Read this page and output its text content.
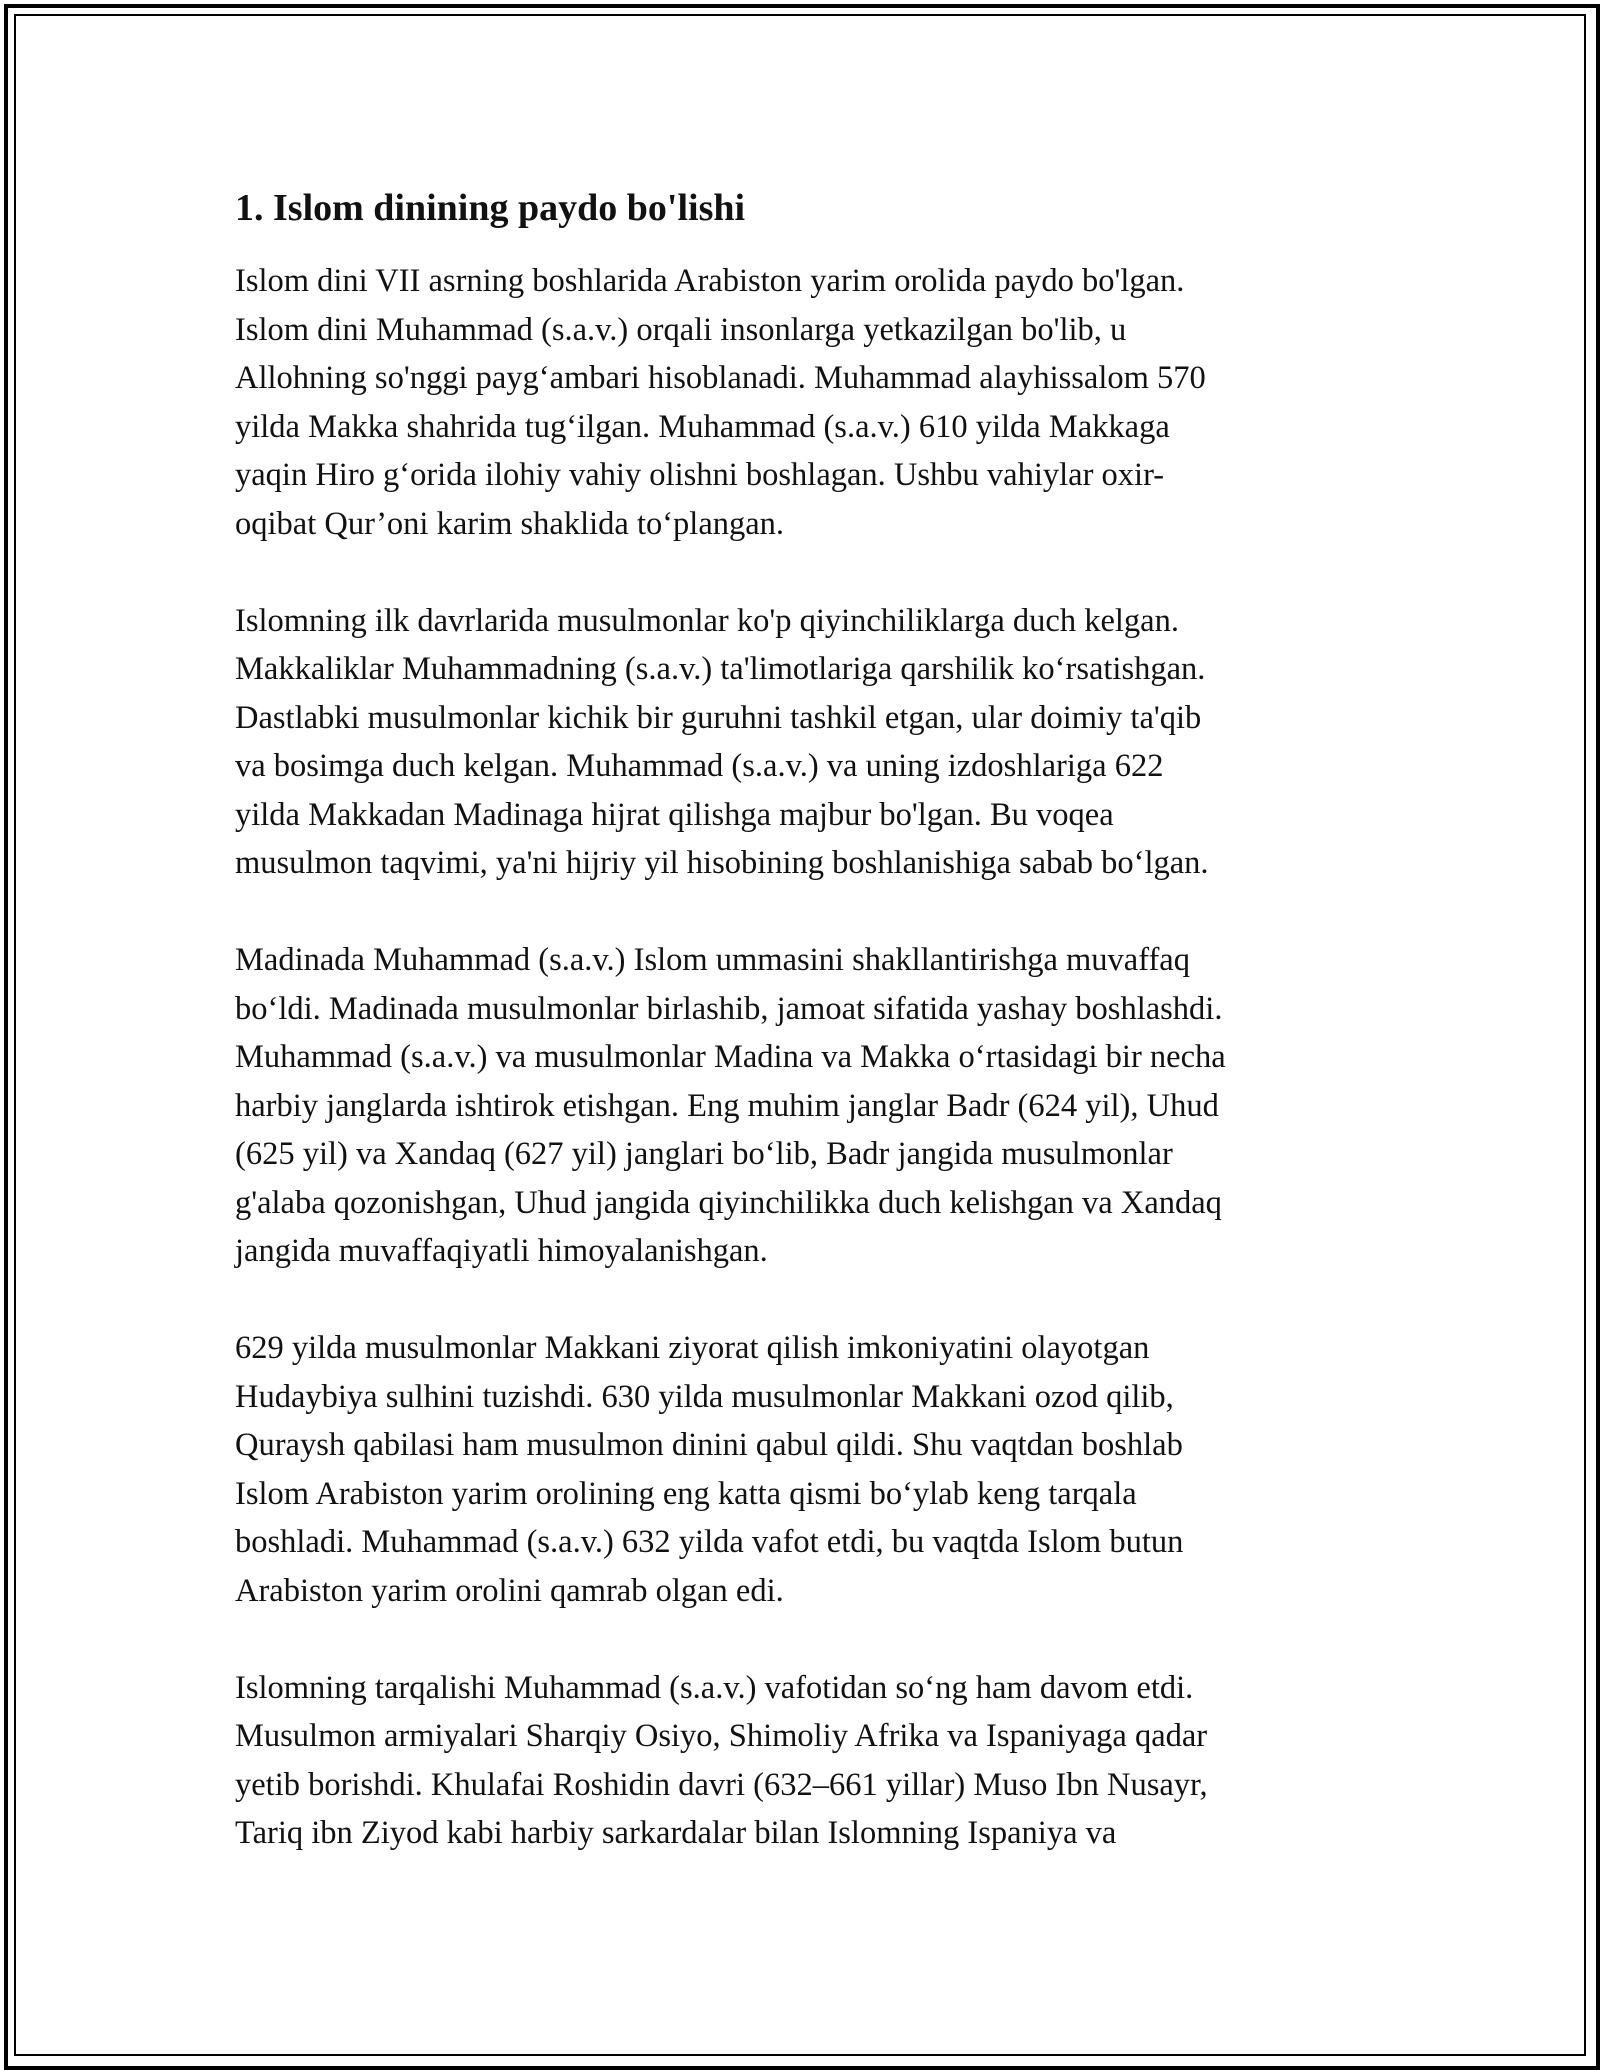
1. Islom dinining paydo bo'lishi

Islom dini VII asrning boshlarida Arabiston yarim orolida paydo bo'lgan.
Islom dini Muhammad (s.a.v.) orqali insonlarga yetkazilgan bo'lib, u
Allohning so'nggi payg‘ambari hisoblanadi. Muhammad alayhissalom 570
yilda Makka shahrida tug‘ilgan. Muhammad (s.a.v.) 610 yilda Makkaga
yaqin Hiro g‘orida ilohiy vahiy olishni boshlagan. Ushbu vahiylar oxir-
oqibat Qur’oni karim shaklida to‘plangan.

Islomning ilk davrlarida musulmonlar ko'p qiyinchiliklarga duch kelgan.
Makkaliklar Muhammadning (s.a.v.) ta'limotlariga qarshilik ko‘rsatishgan.
Dastlabki musulmonlar kichik bir guruhni tashkil etgan, ular doimiy ta'qib
va bosimga duch kelgan. Muhammad (s.a.v.) va uning izdoshlariga 622
yilda Makkadan Madinaga hijrat qilishga majbur bo'lgan. Bu voqea
musulmon taqvimi, ya'ni hijriy yil hisobining boshlanishiga sabab bo‘lgan.

Madinada Muhammad (s.a.v.) Islom ummasini shakllantirishga muvaffaq
bo‘ldi. Madinada musulmonlar birlashib, jamoat sifatida yashay boshlashdi.
Muhammad (s.a.v.) va musulmonlar Madina va Makka o‘rtasidagi bir necha
harbiy janglarda ishtirok etishgan. Eng muhim janglar Badr (624 yil), Uhud
(625 yil) va Xandaq (627 yil) janglari bo‘lib, Badr jangida musulmonlar
g'alaba qozonishgan, Uhud jangida qiyinchilikka duch kelishgan va Xandaq
jangida muvaffaqiyatli himoyalanishgan.

629 yilda musulmonlar Makkani ziyorat qilish imkoniyatini olayotgan
Hudaybiya sulhini tuzishdi. 630 yilda musulmonlar Makkani ozod qilib,
Quraysh qabilasi ham musulmon dinini qabul qildi. Shu vaqtdan boshlab
Islom Arabiston yarim orolining eng katta qismi bo‘ylab keng tarqala
boshladi. Muhammad (s.a.v.) 632 yilda vafot etdi, bu vaqtda Islom butun
Arabiston yarim orolini qamrab olgan edi.

Islomning tarqalishi Muhammad (s.a.v.) vafotidan so‘ng ham davom etdi.
Musulmon armiyalari Sharqiy Osiyo, Shimoliy Afrika va Ispaniyaga qadar
yetib borishdi. Khulafai Roshidin davri (632–661 yillar) Muso Ibn Nusayr,
Tariq ibn Ziyod kabi harbiy sarkardalar bilan Islomning Ispaniya va
